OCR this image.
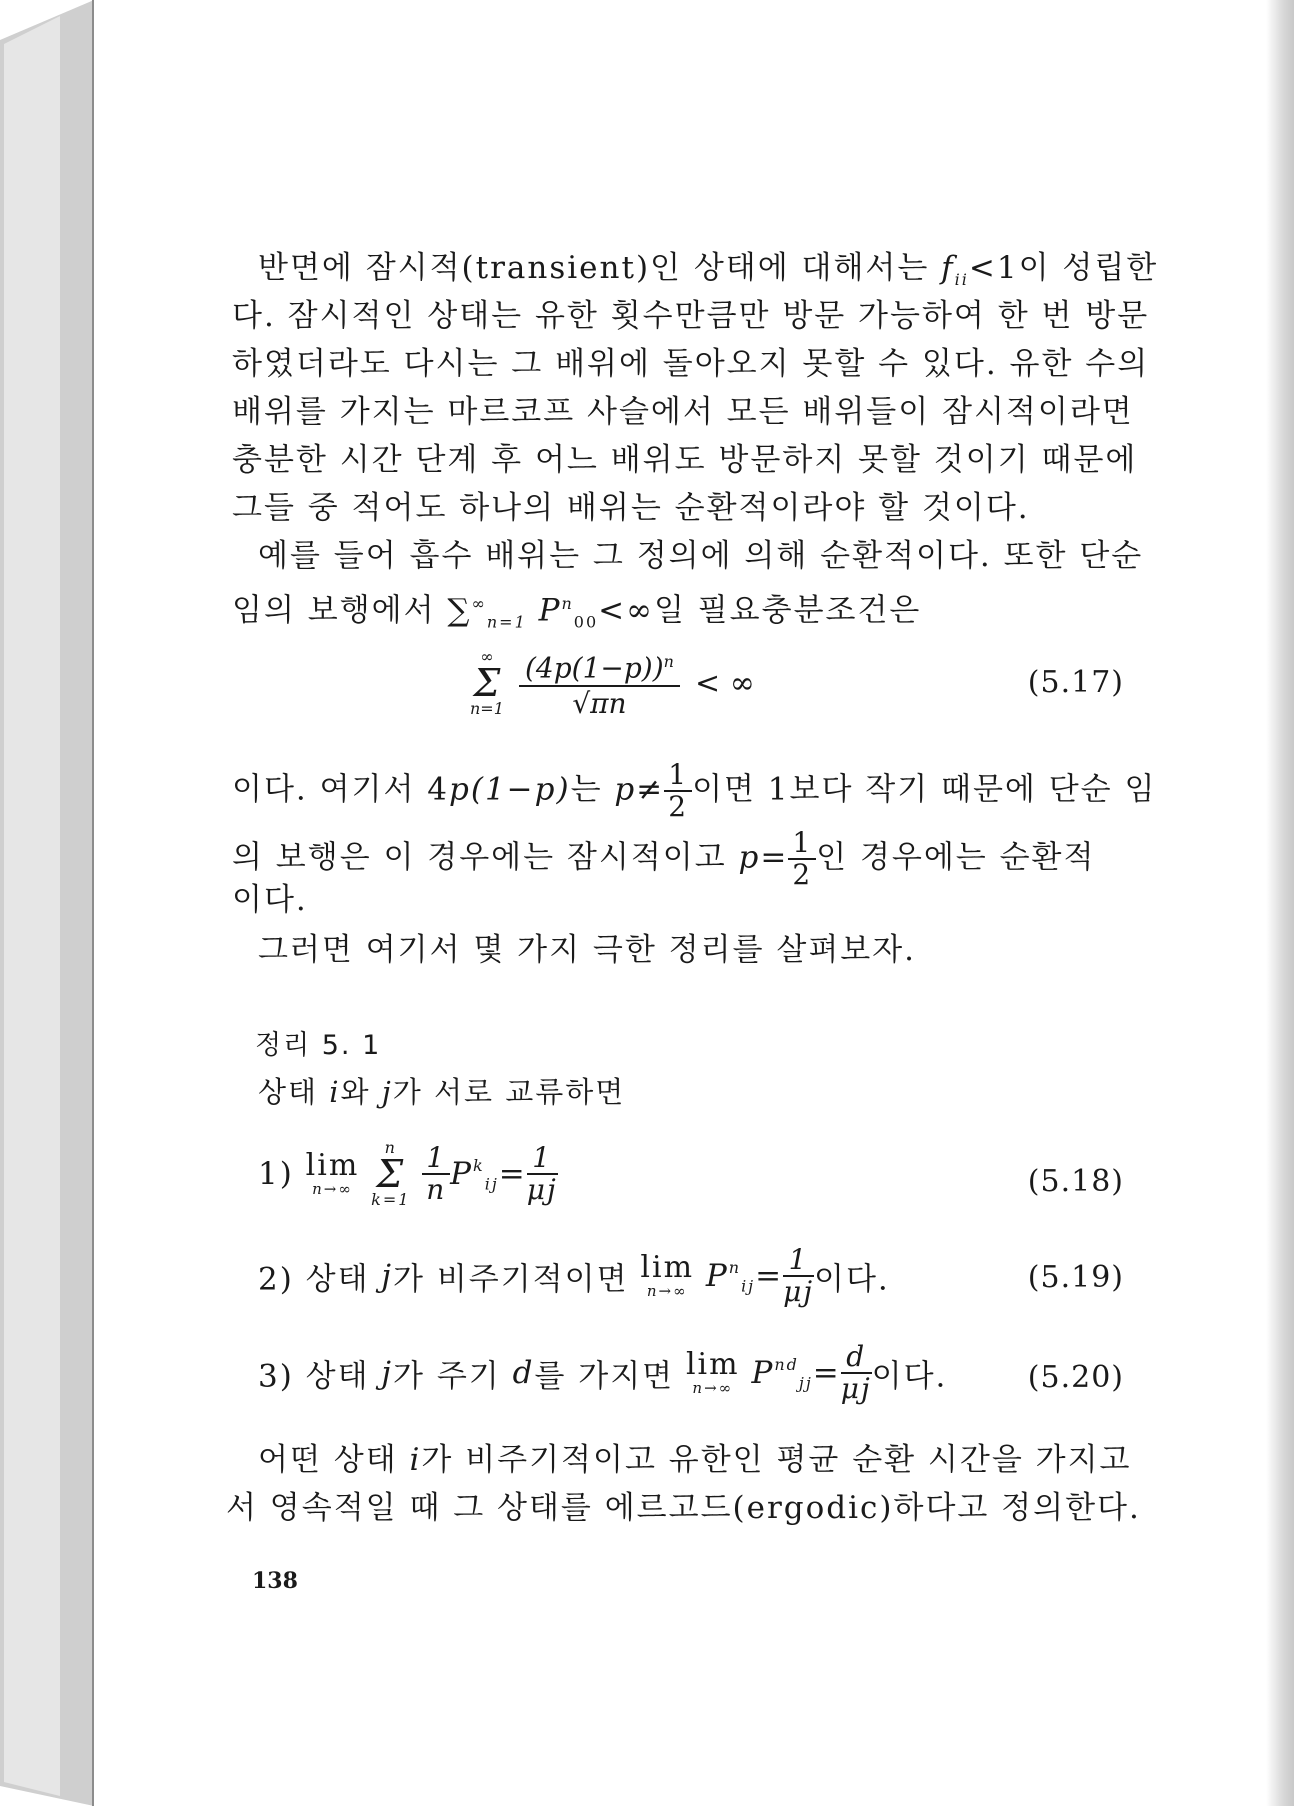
반면에 잠시적(transient)인 상태에 대해서는 $f_{ii}<1$이 성립한
다. 잠시적인 상태는 유한 횟수만큼만 방문 가능하여 한 번 방문
하였더라도 다시는 그 배위에 돌아오지 못할 수 있다. 유한 수의
배위를 가지는 마르코프 사슬에서 모든 배위들이 잠시적이라면
충분한 시간 단계 후 어느 배위도 방문하지 못할 것이기 때문에
그들 중 적어도 하나의 배위는 순환적이라야 할 것이다.
예를 들어 흡수 배위는 그 정의에 의해 순환적이다. 또한 단순
임의 보행에서 $\sum^\infty_{n=1}$ $P^n_{00}<\infty$일 필요충분조건은
∞
Σ
n=1
$\frac{(4p(1-p))^n}{√\pi n}$ < ∞	(5.17)
이다. 여기서 4p(1−p)는 $p\ne \frac{1}{2}$ 이면 1보다 작기 때문에 단순 임
의 보행은 이 경우에는 잠시적이고 $p= \frac{1}{2}$ 인 경우에는 순환적
이다.
그러면 여기서 몇 가지 극한 정리를 살펴보자.
정리 5. 1
상태 i와 j가 서로 교류하면
1) lim
n→∞

n
Σ
k=1
$\frac{1}{n} P^k_{ij}= \frac{1}{\mu j}$	(5.18)
2) 상태 j가 비주기적이면 lim
n→∞ $P^n_{ij}= \frac{1}{\mu j}$ 이다.	(5.19)
3) 상태 j가 주기 d를 가지면 lim
n→∞ $P^{nd}_{jj}= \frac{d}{\mu j}$ 이다.	(5.20)
어떤 상태 i가 비주기적이고 유한인 평균 순환 시간을 가지고
서 영속적일 때 그 상태를 에르고드(ergodic)하다고 정의한다.
138
